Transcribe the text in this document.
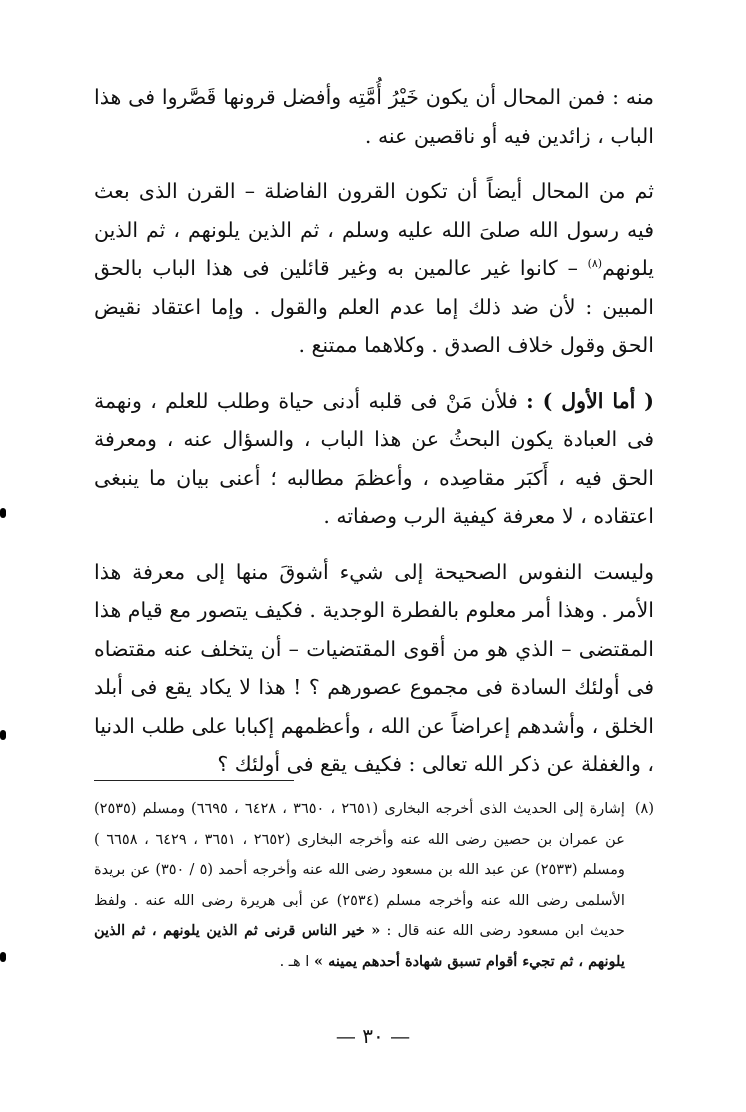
منه : فمن المحال أن يكون خَيْرُ أُمَّتِه وأفضل قرونها قَصَّروا فى هذا الباب ، زائدين فيه أو ناقصين عنه .

ثم من المحال أيضاً أن تكون القرون الفاضلة – القرن الذى بعث فيه رسول الله صلىَ الله عليه وسلم ، ثم الذين يلونهم ، ثم الذين يلونهم$^{(٨)}$ – كانوا غير عالمين به وغير قائلين فى هذا الباب بالحق المبين : لأن ضد ذلك إما عدم العلم والقول . وإما اعتقاد نقيض الحق وقول خلاف الصدق . وكلاهما ممتنع .

( أما الأول ) : فلأن مَنْ فى قلبه أدنى حياة وطلب للعلم ، ونهمة فى العبادة يكون البحثُ عن هذا الباب ، والسؤال عنه ، ومعرفة الحق فيه ، أَكبَر مقاصِده ، وأعظمَ مطالبه ؛ أعنى بيان ما ينبغى اعتقاده ، لا معرفة كيفية الرب وصفاته .

وليست النفوس الصحيحة إلى شيء أشوقَ منها إلى معرفة هذا الأمر . وهذا أمر معلوم بالفطرة الوجدية . فكيف يتصور مع قيام هذا المقتضى – الذي هو من أقوى المقتضيات – أن يتخلف عنه مقتضاه فى أولئك السادة فى مجموع عصورهم ؟ ! هذا لا يكاد يقع فى أبلد الخلق ، وأشدهم إعراضاً عن الله ، وأعظمهم إكبابا على طلب الدنيا ، والغفلة عن ذكر الله تعالى : فكيف يقع فى أولئك ؟

(٨)
إشارة إلى الحديث الذى أخرجه البخارى (٢٦٥١ ، ٣٦٥٠ ، ٦٤٢٨ ، ٦٦٩٥) ومسلم (٢٥٣٥) عن عمران بن حصين رضى الله عنه وأخرجه البخارى (٢٦٥٢ ، ٣٦٥١ ، ٦٤٢٩ ، ٦٦٥٨ ) ومسلم (٢٥٣٣) عن عبد الله بن مسعود رضى الله عنه وأخرجه أحمد (٥ / ٣٥٠) عن بريدة الأسلمى رضى الله عنه وأخرجه مسلم (٢٥٣٤) عن أبى هريرة رضى الله عنه . ولفظ حديث ابن مسعود رضى الله عنه قال : « خير الناس قرنى ثم الذين يلونهم ، ثم الذين يلونهم ، ثم تجيء أقوام تسبق شهادة أحدهم يمينه » ا هـ .
— ٣٠ —
